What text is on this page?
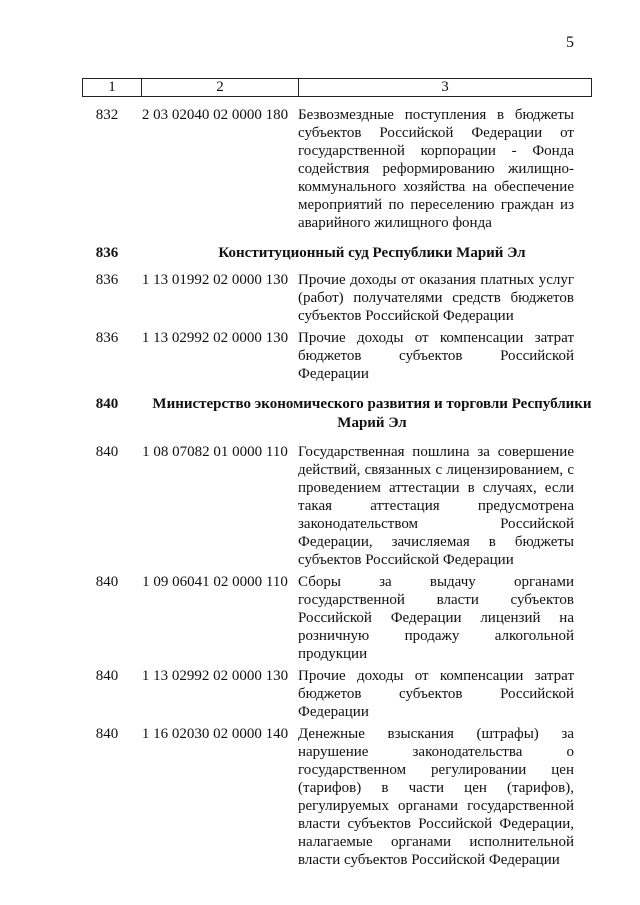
5
1	2	3
832	2 03 02040 02 0000 180 Безвозмездные поступления в бюджеты субъектов Российской Федерации от государственной корпорации - Фонда содействия реформированию жилищно-коммунального хозяйства на обеспечение мероприятий по переселению граждан из аварийного жилищного фонда
836	Конституционный суд Республики Марий Эл
836	1 13 01992 02 0000 130 Прочие доходы от оказания платных услуг (работ) получателями средств бюджетов субъектов Российской Федерации
836	1 13 02992 02 0000 130 Прочие доходы от компенсации затрат бюджетов субъектов Российской Федерации
840	Министерство экономического развития и торговли Республики Марий Эл
840	1 08 07082 01 0000 110 Государственная пошлина за совершение действий, связанных с лицензированием, с проведением аттестации в случаях, если такая аттестация предусмотрена законодательством Российской Федерации, зачисляемая в бюджеты субъектов Российской Федерации
840	1 09 06041 02 0000 110 Сборы за выдачу органами государственной власти субъектов Российской Федерации лицензий на розничную продажу алкогольной продукции
840	1 13 02992 02 0000 130 Прочие доходы от компенсации затрат бюджетов субъектов Российской Федерации
840	1 16 02030 02 0000 140 Денежные взыскания (штрафы) за нарушение законодательства о государственном регулировании цен (тарифов) в части цен (тарифов), регулируемых органами государственной власти субъектов Российской Федерации, налагаемые органами исполнительной власти субъектов Российской Федерации
